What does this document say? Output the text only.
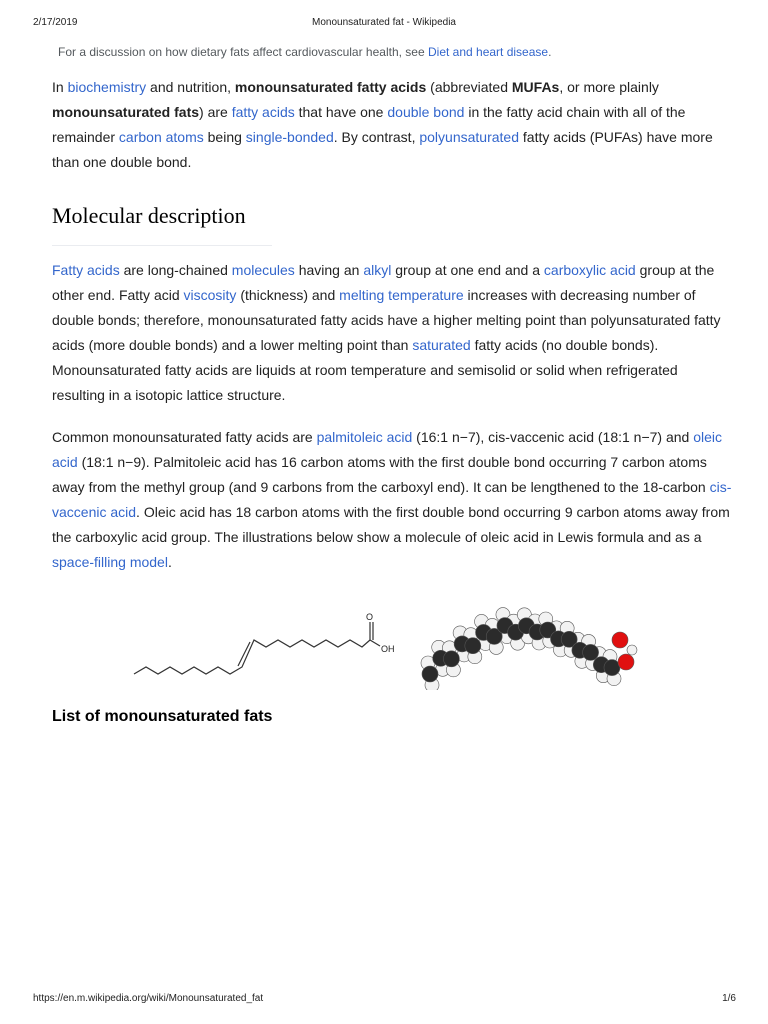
2/17/2019	Monounsaturated fat - Wikipedia
For a discussion on how dietary fats affect cardiovascular health, see Diet and heart disease.
In biochemistry and nutrition, monounsaturated fatty acids (abbreviated MUFAs, or more plainly monounsaturated fats) are fatty acids that have one double bond in the fatty acid chain with all of the remainder carbon atoms being single-bonded. By contrast, polyunsaturated fatty acids (PUFAs) have more than one double bond.
Molecular description
Fatty acids are long-chained molecules having an alkyl group at one end and a carboxylic acid group at the other end. Fatty acid viscosity (thickness) and melting temperature increases with decreasing number of double bonds; therefore, monounsaturated fatty acids have a higher melting point than polyunsaturated fatty acids (more double bonds) and a lower melting point than saturated fatty acids (no double bonds). Monounsaturated fatty acids are liquids at room temperature and semisolid or solid when refrigerated resulting in a isotopic lattice structure.
Common monounsaturated fatty acids are palmitoleic acid (16:1 n−7), cis-vaccenic acid (18:1 n−7) and oleic acid (18:1 n−9). Palmitoleic acid has 16 carbon atoms with the first double bond occurring 7 carbon atoms away from the methyl group (and 9 carbons from the carboxyl end). It can be lengthened to the 18-carbon cis-vaccenic acid. Oleic acid has 18 carbon atoms with the first double bond occurring 9 carbon atoms away from the carboxylic acid group. The illustrations below show a molecule of oleic acid in Lewis formula and as a space-filling model.
O
OH
List of monounsaturated fats
https://en.m.wikipedia.org/wiki/Monounsaturated_fat	1/6
